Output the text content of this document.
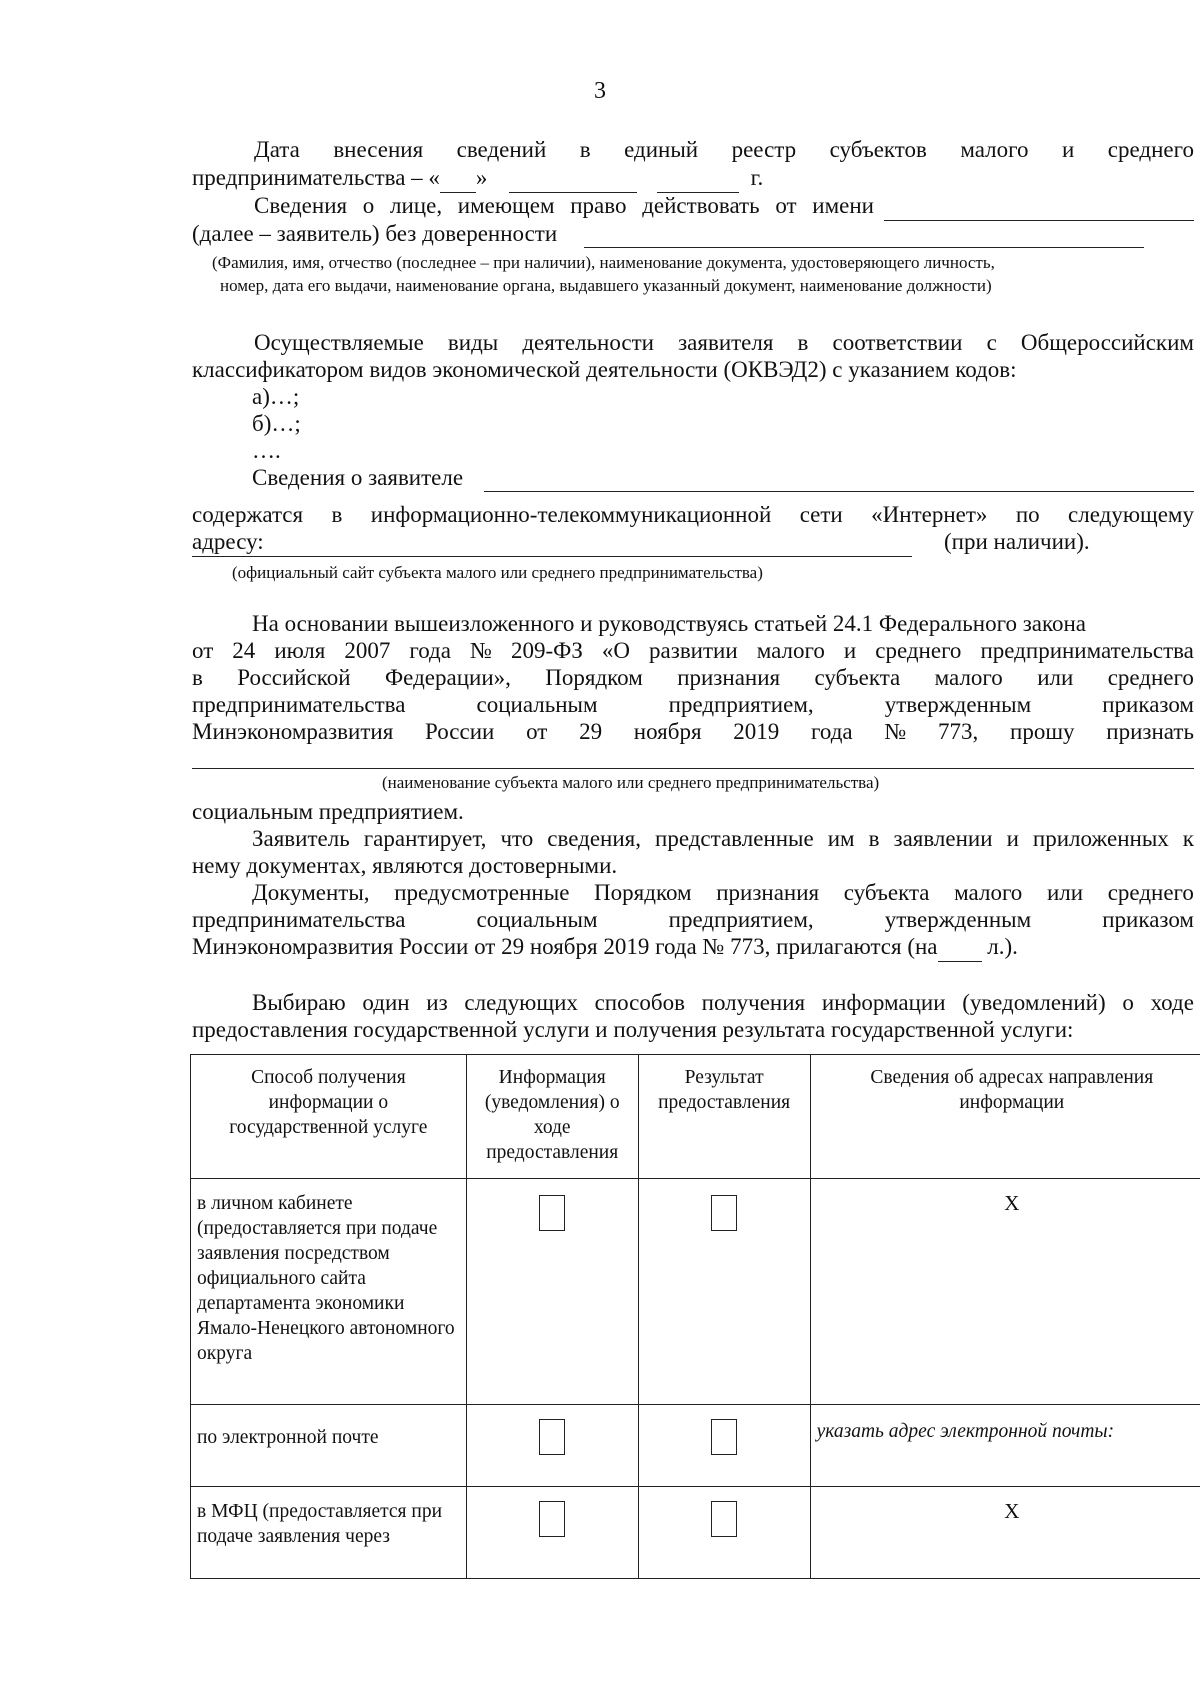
3
Дата внесения сведений в единый реестр субъектов малого и среднего
предпринимательства – « »	г.
Сведения о лице, имеющем право действовать от имени
(далее – заявитель) без доверенности
(Фамилия, имя, отчество (последнее – при наличии), наименование документа, удостоверяющего личность,
номер, дата его выдачи, наименование органа, выдавшего указанный документ, наименование должности)
Осуществляемые виды деятельности заявителя в соответствии с Общероссийским
классификатором видов экономической деятельности (ОКВЭД2) с указанием кодов:
а)…;
б)…;
….
Сведения о заявителе
содержатся в информационно-телекоммуникационной сети «Интернет» по следующему
адресу:	(при наличии).
(официальный сайт субъекта малого или среднего предпринимательства)
На основании вышеизложенного и руководствуясь статьей 24.1 Федерального закона
от 24 июля 2007 года № 209-ФЗ «О развитии малого и среднего предпринимательства
в Российской Федерации», Порядком признания субъекта малого или среднего
предпринимательства	социальным	предприятием,	утвержденным	приказом
Минэкономразвития России от 29 ноября 2019 года № 773, прошу признать
(наименование субъекта малого или среднего предпринимательства)
социальным предприятием.
Заявитель гарантирует, что сведения, представленные им в заявлении и приложенных к
нему документах, являются достоверными.
Документы, предусмотренные Порядком признания субъекта малого или среднего
предпринимательства	социальным	предприятием,	утвержденным	приказом
Минэкономразвития России от 29 ноября 2019 года № 773, прилагаются (на л.).
Выбираю один из следующих способов получения информации (уведомлений) о ходе
предоставления государственной услуги и получения результата государственной услуги:
Способ получения информации о государственной услуге	Информация (уведомления) о ходе предоставления	Результат предоставления	Сведения об адресах направления информации
в личном кабинете (предоставляется при подаче заявления посредством официального сайта департамента экономики Ямало-Ненецкого автономного округа			Х
по электронной почте			указать адрес электронной почты:
в МФЦ (предоставляется при подаче заявления через			Х
